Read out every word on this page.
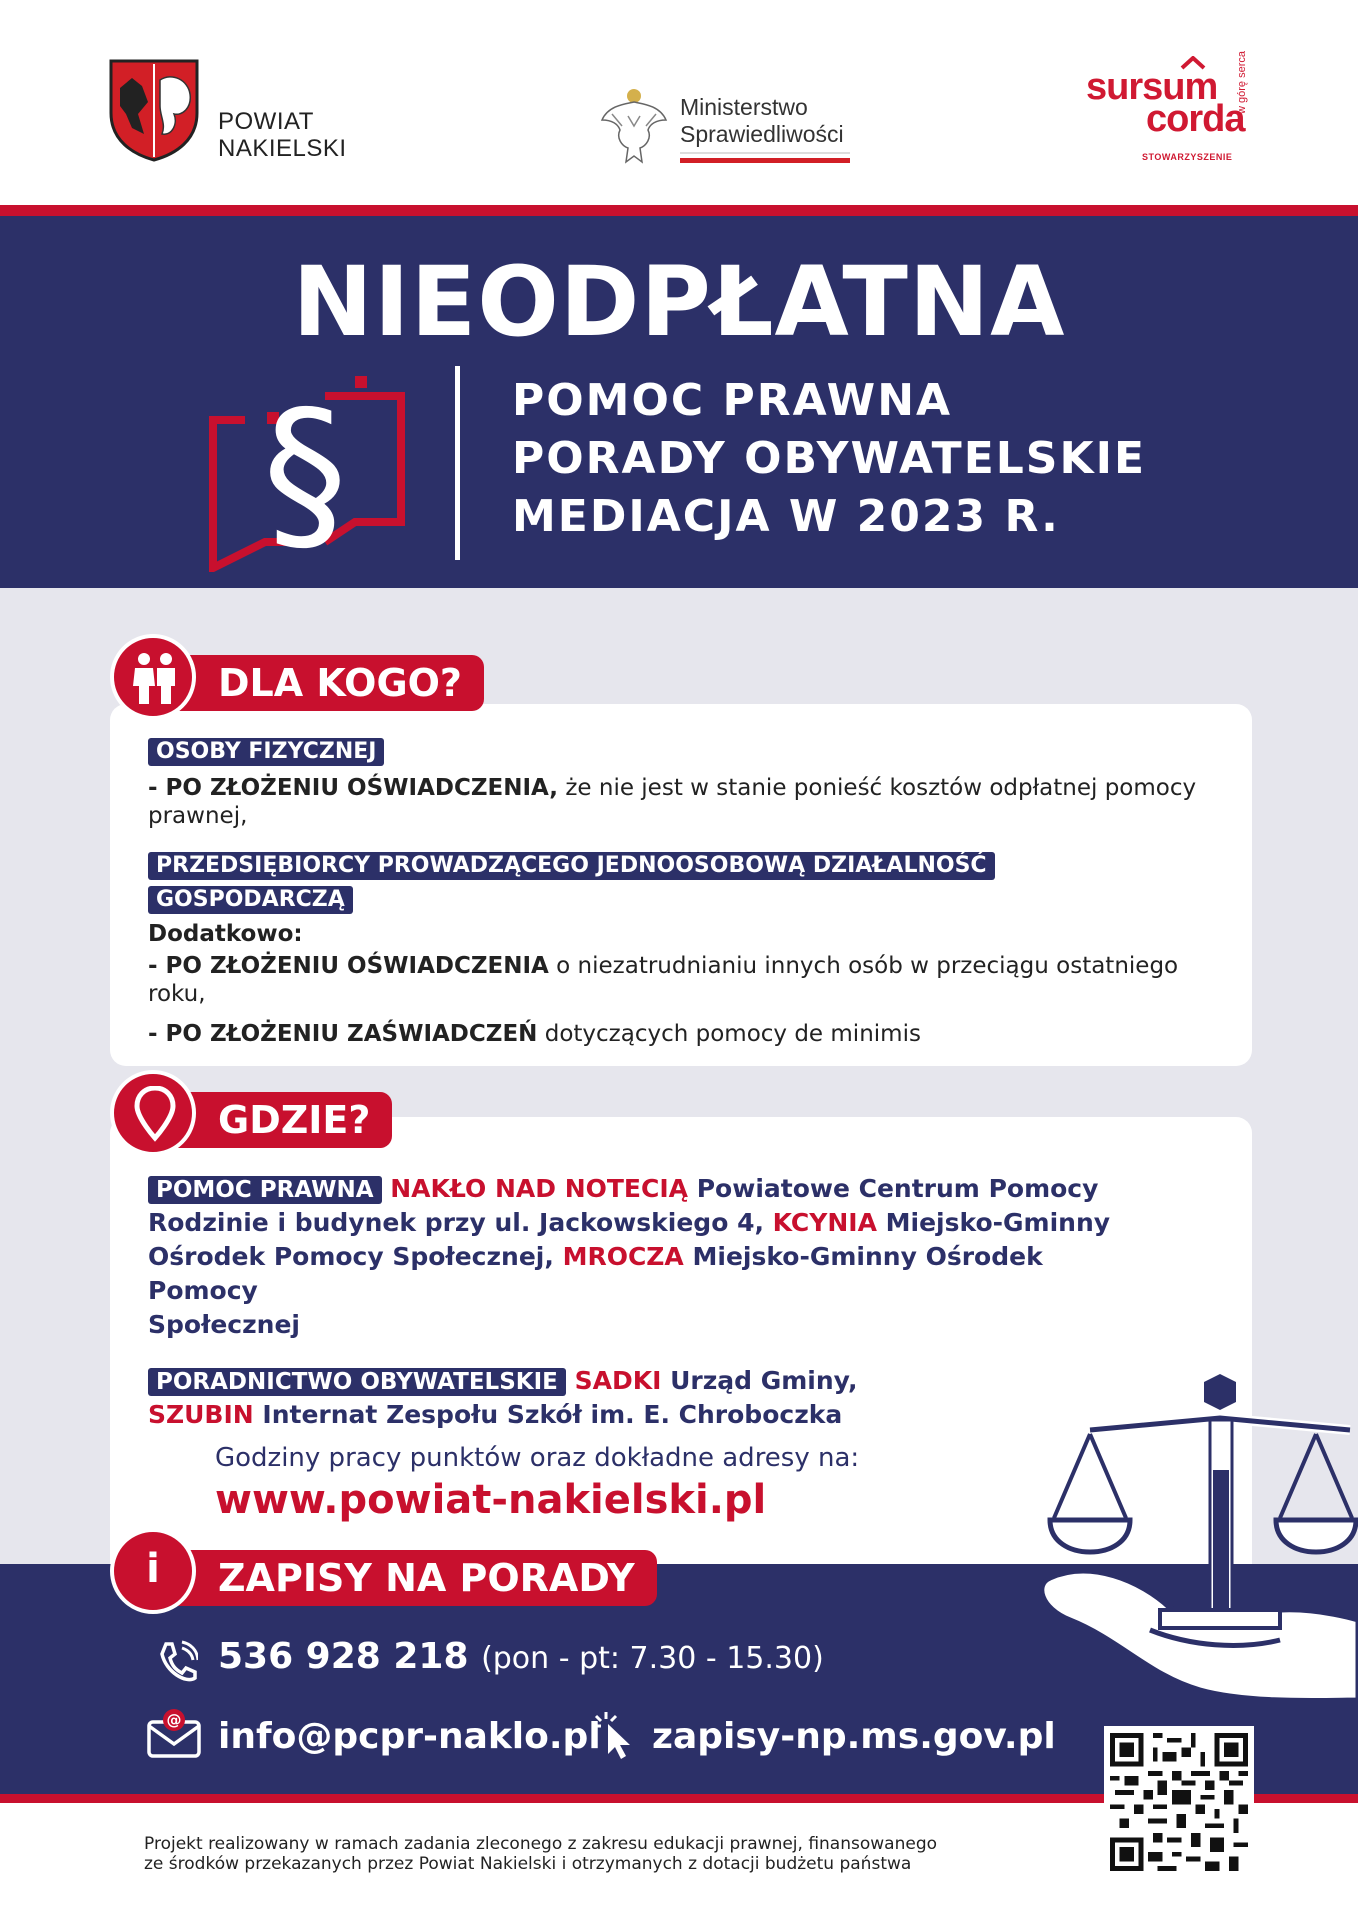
POWIAT
NAKIELSKI
Ministerstwo
Sprawiedliwości
sursum
corda
STOWARZYSZENIE
w górę serca
NIEODPŁATNA
§	POMOC PRAWNA
PORADY OBYWATELSKIE
MEDIACJA W 2023 R.
DLA KOGO?
OSOBY FIZYCZNEJ
- PO ZŁOŻENIU OŚWIADCZENIA, że nie jest w stanie ponieść kosztów odpłatnej pomocy
prawnej,
PRZEDSIĘBIORCY PROWADZĄCEGO JEDNOOSOBOWĄ DZIAŁALNOŚĆ
GOSPODARCZĄ
Dodatkowo:
- PO ZŁOŻENIU OŚWIADCZENIA o niezatrudnianiu innych osób w przeciągu ostatniego roku,
- PO ZŁOŻENIU ZAŚWIADCZEŃ dotyczących pomocy de minimis
GDZIE?
POMOC PRAWNA NAKŁO NAD NOTECIĄ Powiatowe Centrum Pomocy
Rodzinie i budynek przy ul. Jackowskiego 4, KCYNIA Miejsko-Gminny
Ośrodek Pomocy Społecznej, MROCZA Miejsko-Gminny Ośrodek Pomocy
Społecznej
PORADNICTWO OBYWATELSKIE SADKI Urząd Gminy,
SZUBIN Internat Zespołu Szkół im. E. Chroboczka
Godziny pracy punktów oraz dokładne adresy na:
www.powiat-nakielski.pl
ZAPISY NA PORADY
i
536 928 218 (pon - pt: 7.30 - 15.30)
@ info@pcpr-naklo.pl zapisy-np.ms.gov.pl
Projekt realizowany w ramach zadania zleconego z zakresu edukacji prawnej, finansowanego
ze środków przekazanych przez Powiat Nakielski i otrzymanych z dotacji budżetu państwa
